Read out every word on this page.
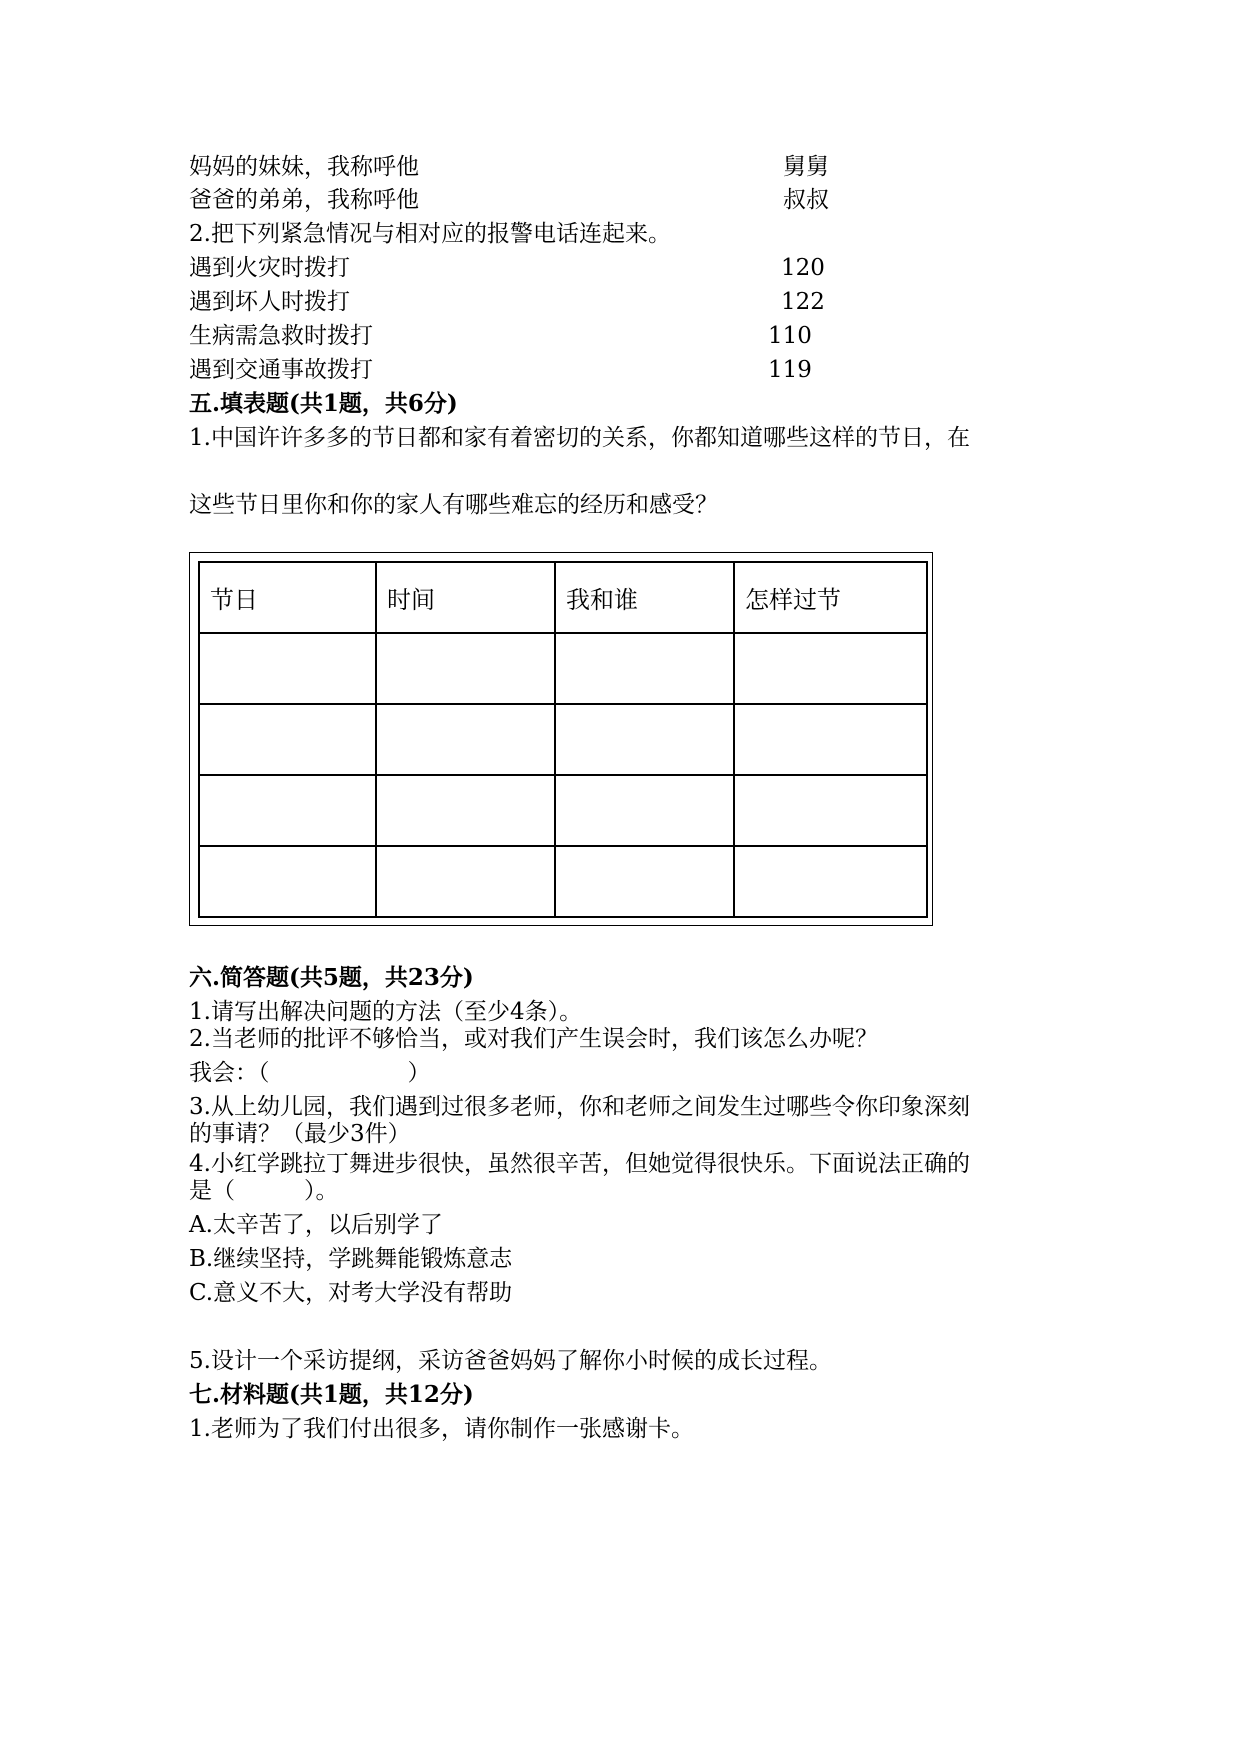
妈妈的妹妹，我称呼他	舅舅

爸爸的弟弟，我称呼他	叔叔

2.把下列紧急情况与相对应的报警电话连起来。

遇到火灾时拨打	120

遇到坏人时拨打	122

生病需急救时拨打	110

遇到交通事故拨打	119

五.填表题(共1题，共6分)

1.中国许许多多的节日都和家有着密切的关系，你都知道哪些这样的节日，在

这些节日里你和你的家人有哪些难忘的经历和感受？

节日	时间	我和谁	怎样过节

六.简答题(共5题，共23分)

1.请写出解决问题的方法（至少4条）。

2.当老师的批评不够恰当，或对我们产生误会时，我们该怎么办呢？

我会：（　　　　　　）

3.从上幼儿园，我们遇到过很多老师，你和老师之间发生过哪些令你印象深刻

的事请？（最少3件）

4.小红学跳拉丁舞进步很快，虽然很辛苦，但她觉得很快乐。下面说法正确的

是（　　　）。

A.太辛苦了，以后别学了

B.继续坚持，学跳舞能锻炼意志

C.意义不大，对考大学没有帮助

5.设计一个采访提纲，采访爸爸妈妈了解你小时候的成长过程。

七.材料题(共1题，共12分)

1.老师为了我们付出很多，请你制作一张感谢卡。
